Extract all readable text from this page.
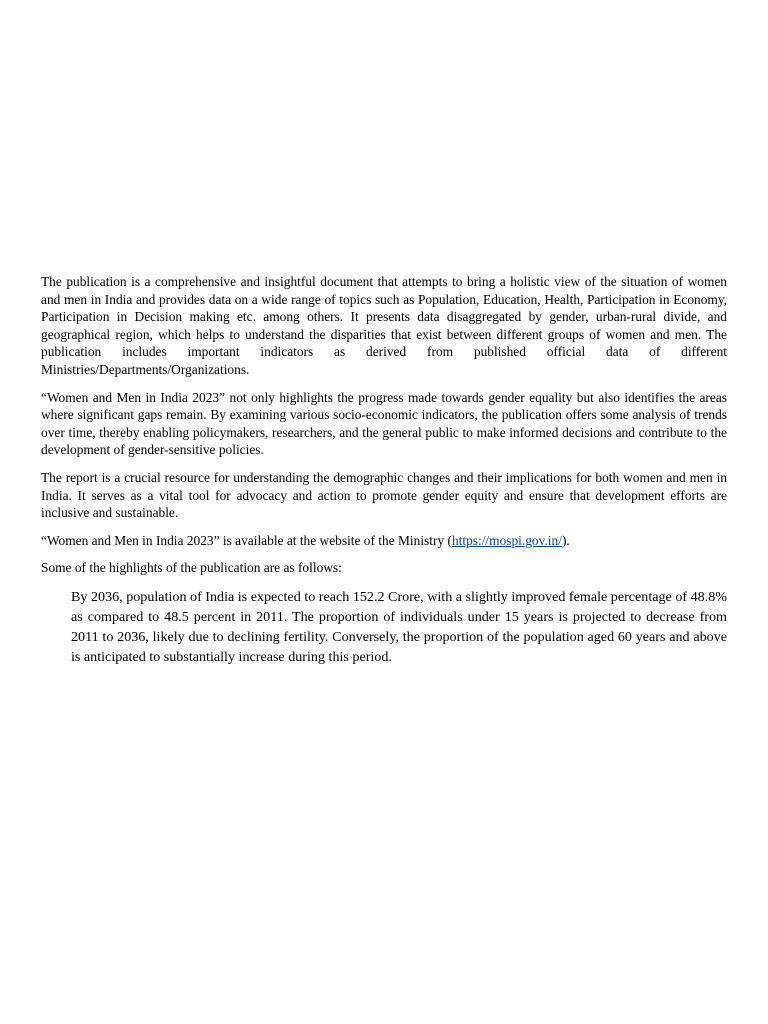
The publication is a comprehensive and insightful document that attempts to bring a holistic view of the situation of women and men in India and provides data on a wide range of topics such as Population, Education, Health, Participation in Economy, Participation in Decision making etc. among others. It presents data disaggregated by gender, urban-rural divide, and geographical region, which helps to understand the disparities that exist between different groups of women and men. The publication includes important indicators as derived from published official data of different Ministries/Departments/Organizations.

“Women and Men in India 2023” not only highlights the progress made towards gender equality but also identifies the areas where significant gaps remain. By examining various socio-economic indicators, the publication offers some analysis of trends over time, thereby enabling policymakers, researchers, and the general public to make informed decisions and contribute to the development of gender-sensitive policies.

The report is a crucial resource for understanding the demographic changes and their implications for both women and men in India. It serves as a vital tool for advocacy and action to promote gender equity and ensure that development efforts are inclusive and sustainable.

“Women and Men in India 2023” is available at the website of the Ministry (https://mospi.gov.in/).

Some of the highlights of the publication are as follows:

By 2036, population of India is expected to reach 152.2 Crore, with a slightly improved female percentage of 48.8% as compared to 48.5 percent in 2011. The proportion of individuals under 15 years is projected to decrease from 2011 to 2036, likely due to declining fertility. Conversely, the proportion of the population aged 60 years and above is anticipated to substantially increase during this period.
